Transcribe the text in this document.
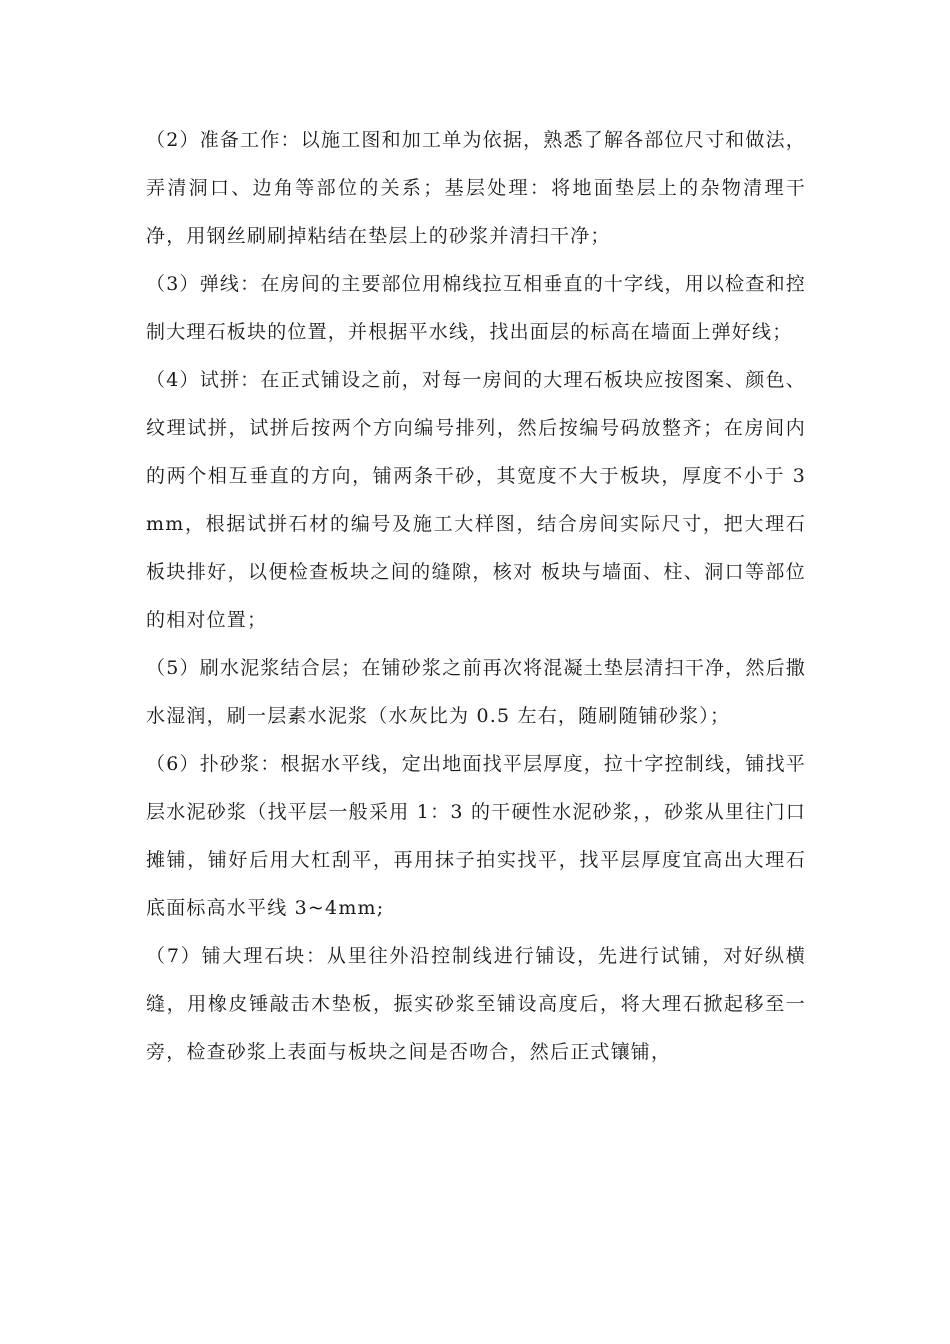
（2）准备工作：以施工图和加工单为依据，熟悉了解各部位尺寸和做法，弄清洞口、边角等部位的关系；基层处理：将地面垫层上的杂物清理干净，用钢丝刷刷掉粘结在垫层上的砂浆并清扫干净；

（3）弹线：在房间的主要部位用棉线拉互相垂直的十字线，用以检查和控制大理石板块的位置，并根据平水线，找出面层的标高在墙面上弹好线；

（4）试拼：在正式铺设之前，对每一房间的大理石板块应按图案、颜色、纹理试拼，试拼后按两个方向编号排列，然后按编号码放整齐；在房间内的两个相互垂直的方向，铺两条干砂，其宽度不大于板块，厚度不小于 3mm，根据试拼石材的编号及施工大样图，结合房间实际尺寸，把大理石板块排好，以便检查板块之间的缝隙，核对 板块与墙面、柱、洞口等部位的相对位置；

（5）刷水泥浆结合层；在铺砂浆之前再次将混凝土垫层清扫干净，然后撒水湿润，刷一层素水泥浆（水灰比为 0.5 左右，随刷随铺砂浆）；

（6）扑砂浆：根据水平线，定出地面找平层厚度，拉十字控制线，铺找平层水泥砂浆（找平层一般采用 1：3 的干硬性水泥砂浆，，砂浆从里往门口摊铺，铺好后用大杠刮平，再用抹子拍实找平，找平层厚度宜高出大理石底面标高水平线 3~4mm;

（7）铺大理石块：从里往外沿控制线进行铺设，先进行试铺，对好纵横缝，用橡皮锤敲击木垫板，振实砂浆至铺设高度后，将大理石掀起移至一旁，检查砂浆上表面与板块之间是否吻合，然后正式镶铺，
